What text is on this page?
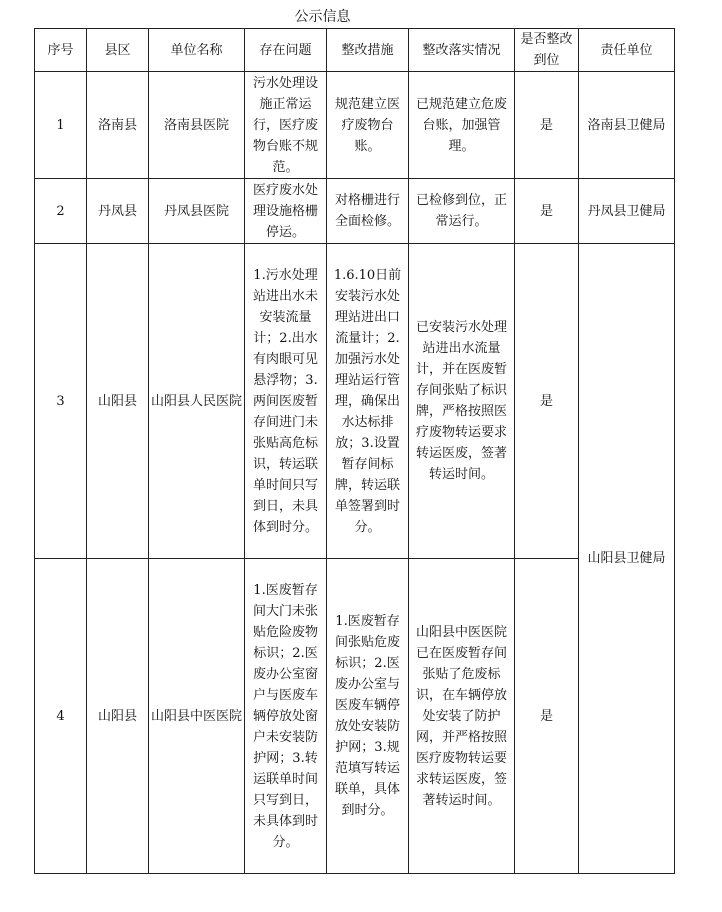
公示信息
序号	县区	单位名称	存在问题	整改措施	整改落实情况	是否整改到位	责任单位
1	洛南县	洛南县医院	污水处理设施正常运行，医疗废物台账不规范。	规范建立医疗废物台账。	已规范建立危废台账，加强管理。	是	洛南县卫健局
2	丹凤县	丹凤县医院	医疗废水处理设施格栅停运。	对格栅进行全面检修。	已检修到位，正常运行。	是	丹凤县卫健局
3	山阳县	山阳县人民医院	1.污水处理站进出水未安装流量计；2.出水有肉眼可见悬浮物；3.两间医废暂存间进门未张贴高危标识，转运联单时间只写到日，未具体到时分。	1.6.10日前安装污水处理站进出口流量计；2.加强污水处理站运行管理，确保出水达标排放；3.设置暂存间标牌，转运联单签署到时分。	已安装污水处理站进出水流量计，并在医废暂存间张贴了标识牌，严格按照医疗废物转运要求转运医废，签著转运时间。	是	山阳县卫健局
4	山阳县	山阳县中医医院	1.医废暂存间大门未张贴危险废物标识；2.医废办公室窗户与医废车辆停放处窗户未安装防护网；3.转运联单时间只写到日，未具体到时分。	1.医废暂存间张贴危废标识；2.医废办公室与医废车辆停放处安装防护网；3.规范填写转运联单，具体到时分。	山阳县中医医院已在医废暂存间张贴了危废标识，在车辆停放处安装了防护网，并严格按照医疗废物转运要求转运医废，签著转运时间。	是	
